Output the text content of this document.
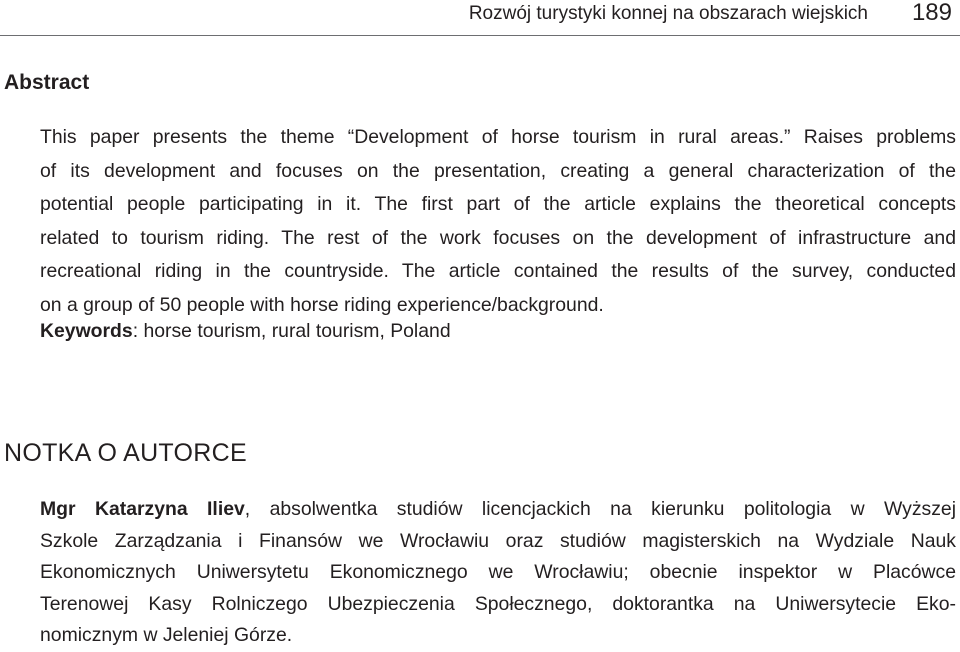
Rozwój turystyki konnej na obszarach wiejskich 189
Abstract
This paper presents the theme “Development of horse tourism in rural areas.” Raises problems
of its development and focuses on the presentation, creating a general characterization of the
potential people participating in it. The first part of the article explains the theoretical concepts
related to tourism riding. The rest of the work focuses on the development of infrastructure and
recreational riding in the countryside. The article contained the results of the survey, conducted
on a group of 50 people with horse riding experience/background.
Keywords: horse tourism, rural tourism, Poland
NOTKA O AUTORCE
Mgr Katarzyna Iliev, absolwentka studiów licencjackich na kierunku politologia w Wyższej
Szkole Zarządzania i Finansów we Wrocławiu oraz studiów magisterskich na Wydziale Nauk
Ekonomicznych Uniwersytetu Ekonomicznego we Wrocławiu; obecnie inspektor w Placówce
Terenowej Kasy Rolniczego Ubezpieczenia Społecznego, doktorantka na Uniwersytecie Eko-
nomicznym w Jeleniej Górze.
